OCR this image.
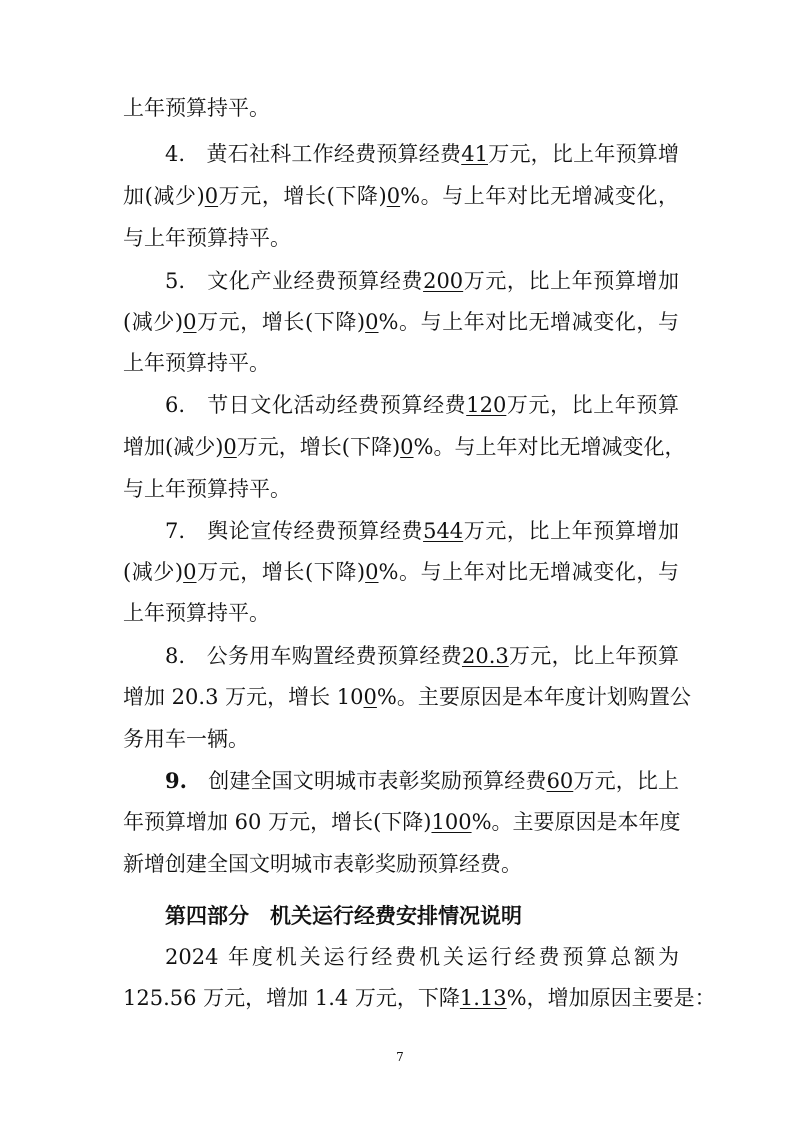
上年预算持平。
4.　 黄石社科工作经费预算经费41万元，比上年预算增
加(减少)0万元，增长(下降)0%。与上年对比无增减变化，
与上年预算持平。
5.　 文化产业经费预算经费200万元，比上年预算增加
(减少)0万元，增长(下降)0%。与上年对比无增减变化，与
上年预算持平。
6.　 节日文化活动经费预算经费120万元，比上年预算
增加(减少)0万元，增长(下降)0%。与上年对比无增减变化，
与上年预算持平。
7.　 舆论宣传经费预算经费544万元，比上年预算增加
(减少)0万元，增长(下降)0%。与上年对比无增减变化，与
上年预算持平。
8.　 公务用车购置经费预算经费20.3万元，比上年预算
增加 20.3 万元，增长 100%。主要原因是本年度计划购置公
务用车一辆。
9.　 创建全国文明城市表彰奖励预算经费60万元，比上
年预算增加 60 万元，增长(下降)100%。主要原因是本年度
新增创建全国文明城市表彰奖励预算经费。
第四部分　机关运行经费安排情况说明
2024 年度机关运行经费机关运行经费预算总额为
125.56 万元，增加 1.4 万元，下降1.13%，增加原因主要是：
7
